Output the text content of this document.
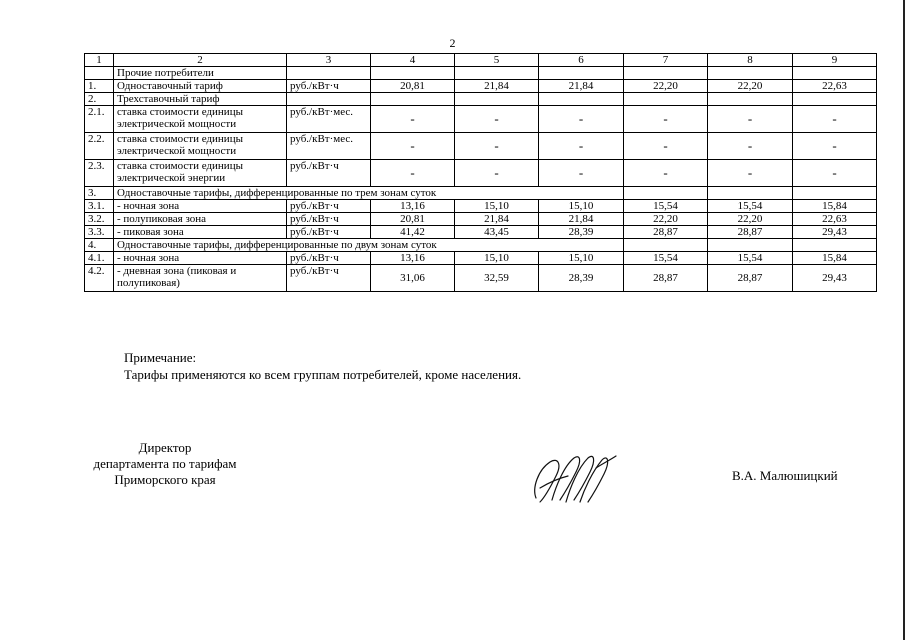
2
1	2	3	4	5	6	7	8	9
	Прочие потребители							
1.	Одноставочный тариф	руб./кВт·ч	20,81	21,84	21,84	22,20	22,20	22,63
2.	Трехставочный тариф							
2.1.	ставка стоимости единицы электрической мощности	руб./кВт·мес.	-	-	-	-	-	-
2.2.	ставка стоимости единицы электрической мощности	руб./кВт·мес.	-	-	-	-	-	-
2.3.	ставка стоимости единицы электрической энергии	руб./кВт·ч	-	-	-	-	-	-
3.	Одноставочные тарифы, дифференцированные по трем зонам суток							
3.1.	- ночная зона	руб./кВт·ч	13,16	15,10	15,10	15,54	15,54	15,84
3.2.	- полупиковая зона	руб./кВт·ч	20,81	21,84	21,84	22,20	22,20	22,63
3.3.	- пиковая зона	руб./кВт·ч	41,42	43,45	28,39	28,87	28,87	29,43
4.	Одноставочные тарифы, дифференцированные по двум зонам суток							
4.1.	- ночная зона	руб./кВт·ч	13,16	15,10	15,10	15,54	15,54	15,84
4.2.	- дневная зона (пиковая и полупиковая)	руб./кВт·ч	31,06	32,59	28,39	28,87	28,87	29,43
Примечание:
Тарифы применяются ко всем группам потребителей, кроме населения.
Директор
департамента по тарифам
Приморского края	В.А. Малюшицкий
